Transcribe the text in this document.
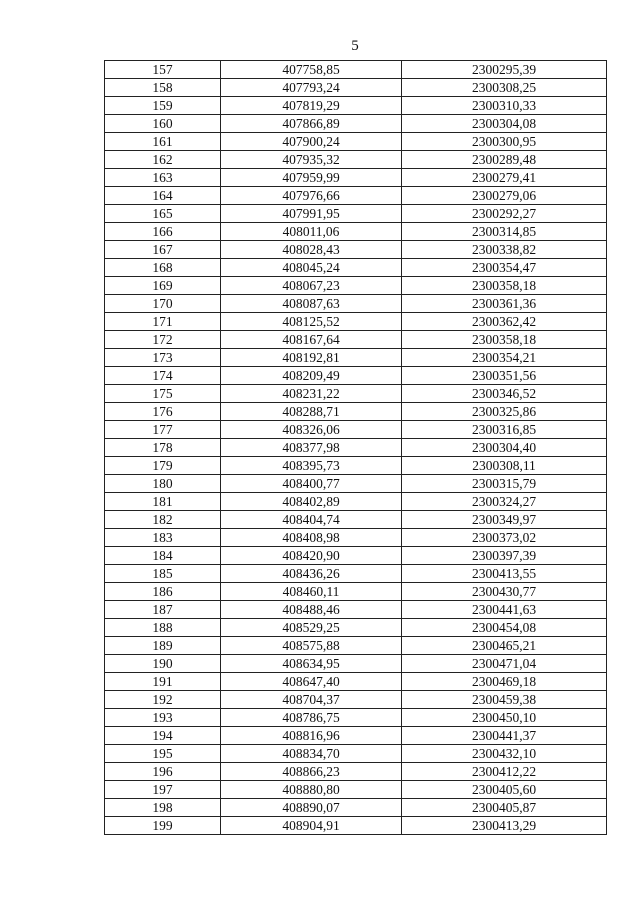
5
157	407758,85	2300295,39
158	407793,24	2300308,25
159	407819,29	2300310,33
160	407866,89	2300304,08
161	407900,24	2300300,95
162	407935,32	2300289,48
163	407959,99	2300279,41
164	407976,66	2300279,06
165	407991,95	2300292,27
166	408011,06	2300314,85
167	408028,43	2300338,82
168	408045,24	2300354,47
169	408067,23	2300358,18
170	408087,63	2300361,36
171	408125,52	2300362,42
172	408167,64	2300358,18
173	408192,81	2300354,21
174	408209,49	2300351,56
175	408231,22	2300346,52
176	408288,71	2300325,86
177	408326,06	2300316,85
178	408377,98	2300304,40
179	408395,73	2300308,11
180	408400,77	2300315,79
181	408402,89	2300324,27
182	408404,74	2300349,97
183	408408,98	2300373,02
184	408420,90	2300397,39
185	408436,26	2300413,55
186	408460,11	2300430,77
187	408488,46	2300441,63
188	408529,25	2300454,08
189	408575,88	2300465,21
190	408634,95	2300471,04
191	408647,40	2300469,18
192	408704,37	2300459,38
193	408786,75	2300450,10
194	408816,96	2300441,37
195	408834,70	2300432,10
196	408866,23	2300412,22
197	408880,80	2300405,60
198	408890,07	2300405,87
199	408904,91	2300413,29
